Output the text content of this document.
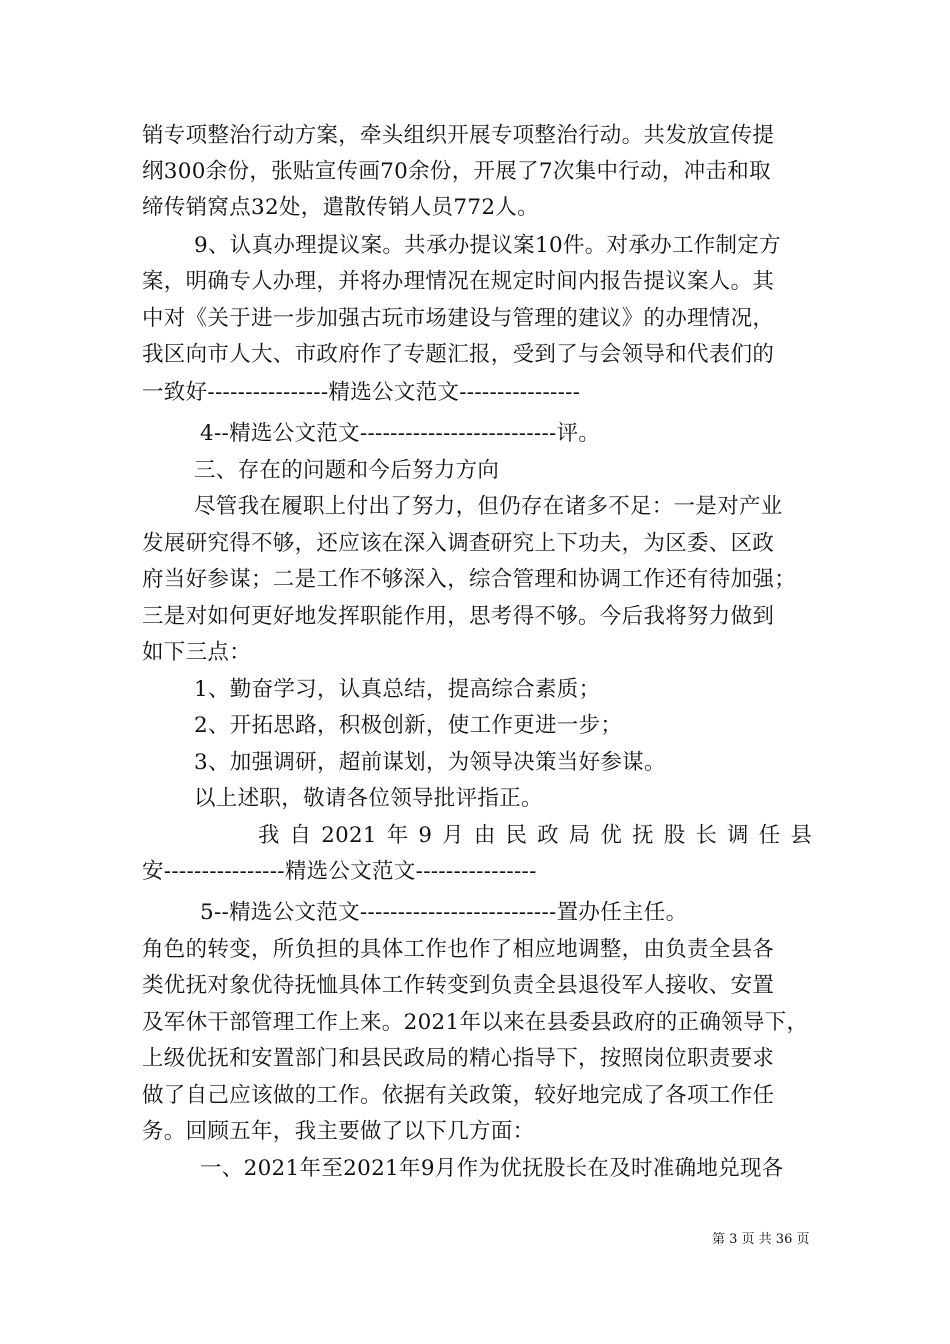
销专项整治行动方案，牵头组织开展专项整治行动。共发放宣传提
纲300余份，张贴宣传画70余份，开展了7次集中行动，冲击和取
缔传销窝点32处，遣散传销人员772人。
9、认真办理提议案。共承办提议案10件。对承办工作制定方
案，明确专人办理，并将办理情况在规定时间内报告提议案人。其
中对《关于进一步加强古玩市场建设与管理的建议》的办理情况，
我区向市人大、市政府作了专题汇报，受到了与会领导和代表们的
一致好----------------精选公文范文----------------
4--精选公文范文--------------------------评。
三、存在的问题和今后努力方向
尽管我在履职上付出了努力，但仍存在诸多不足：一是对产业
发展研究得不够，还应该在深入调查研究上下功夫，为区委、区政
府当好参谋；二是工作不够深入，综合管理和协调工作还有待加强；
三是对如何更好地发挥职能作用，思考得不够。今后我将努力做到
如下三点：
1、勤奋学习，认真总结，提高综合素质；
2、开拓思路，积极创新，使工作更进一步；
3、加强调研，超前谋划，为领导决策当好参谋。
以上述职，敬请各位领导批评指正。
我 自 2021 年 9 月 由 民 政 局 优 抚 股 长 调 任 县
安----------------精选公文范文----------------
5--精选公文范文--------------------------置办任主任。
角色的转变，所负担的具体工作也作了相应地调整，由负责全县各
类优抚对象优待抚恤具体工作转变到负责全县退役军人接收、安置
及军休干部管理工作上来。2021年以来在县委县政府的正确领导下，
上级优抚和安置部门和县民政局的精心指导下，按照岗位职责要求
做了自己应该做的工作。依据有关政策，较好地完成了各项工作任
务。回顾五年，我主要做了以下几方面：
一、2021年至2021年9月作为优抚股长在及时准确地兑现各
第 3 页 共 36 页
